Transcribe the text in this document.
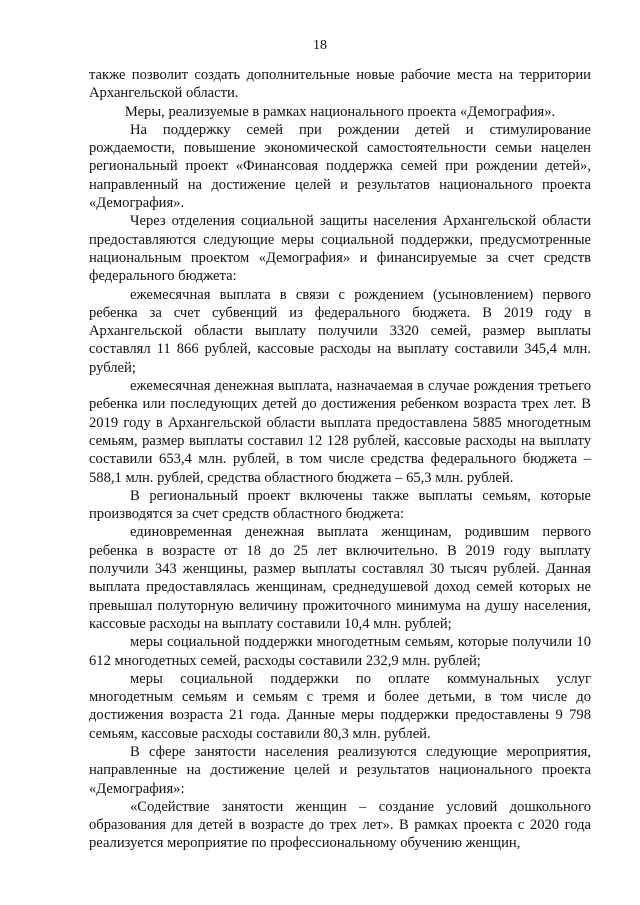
18

также позволит создать дополнительные новые рабочие места на территории Архангельской области.

Меры, реализуемые в рамках национального проекта «Демография».

На поддержку семей при рождении детей и стимулирование рождаемости, повышение экономической самостоятельности семьи нацелен региональный проект «Финансовая поддержка семей при рождении детей», направленный на достижение целей и результатов национального проекта «Демография».

Через отделения социальной защиты населения Архангельской области предоставляются следующие меры социальной поддержки, предусмотренные национальным проектом «Демография» и финансируемые за счет средств федерального бюджета:

ежемесячная выплата в связи с рождением (усыновлением) первого ребенка за счет субвенций из федерального бюджета. В 2019 году в Архангельской области выплату получили 3320 семей, размер выплаты составлял 11 866 рублей, кассовые расходы на выплату составили 345,4 млн. рублей;

ежемесячная денежная выплата, назначаемая в случае рождения третьего ребенка или последующих детей до достижения ребенком возраста трех лет. В 2019 году в Архангельской области выплата предоставлена 5885 многодетным семьям, размер выплаты составил 12 128 рублей, кассовые расходы на выплату составили 653,4 млн. рублей, в том числе средства федерального бюджета – 588,1 млн. рублей, средства областного бюджета – 65,3 млн. рублей.

В региональный проект включены также выплаты семьям, которые производятся за счет средств областного бюджета:

единовременная денежная выплата женщинам, родившим первого ребенка в возрасте от 18 до 25 лет включительно. В 2019 году выплату получили 343 женщины, размер выплаты составлял 30 тысяч рублей. Данная выплата предоставлялась женщинам, среднедушевой доход семей которых не превышал полуторную величину прожиточного минимума на душу населения, кассовые расходы на выплату составили 10,4 млн. рублей;

меры социальной поддержки многодетным семьям, которые получили 10 612 многодетных семей, расходы составили 232,9 млн. рублей;

меры социальной поддержки по оплате коммунальных услуг многодетным семьям и семьям с тремя и более детьми, в том числе до достижения возраста 21 года. Данные меры поддержки предоставлены 9 798 семьям, кассовые расходы составили 80,3 млн. рублей.

В сфере занятости населения реализуются следующие мероприятия, направленные на достижение целей и результатов национального проекта «Демография»:

«Содействие занятости женщин – создание условий дошкольного образования для детей в возрасте до трех лет». В рамках проекта с 2020 года реализуется мероприятие по профессиональному обучению женщин,
